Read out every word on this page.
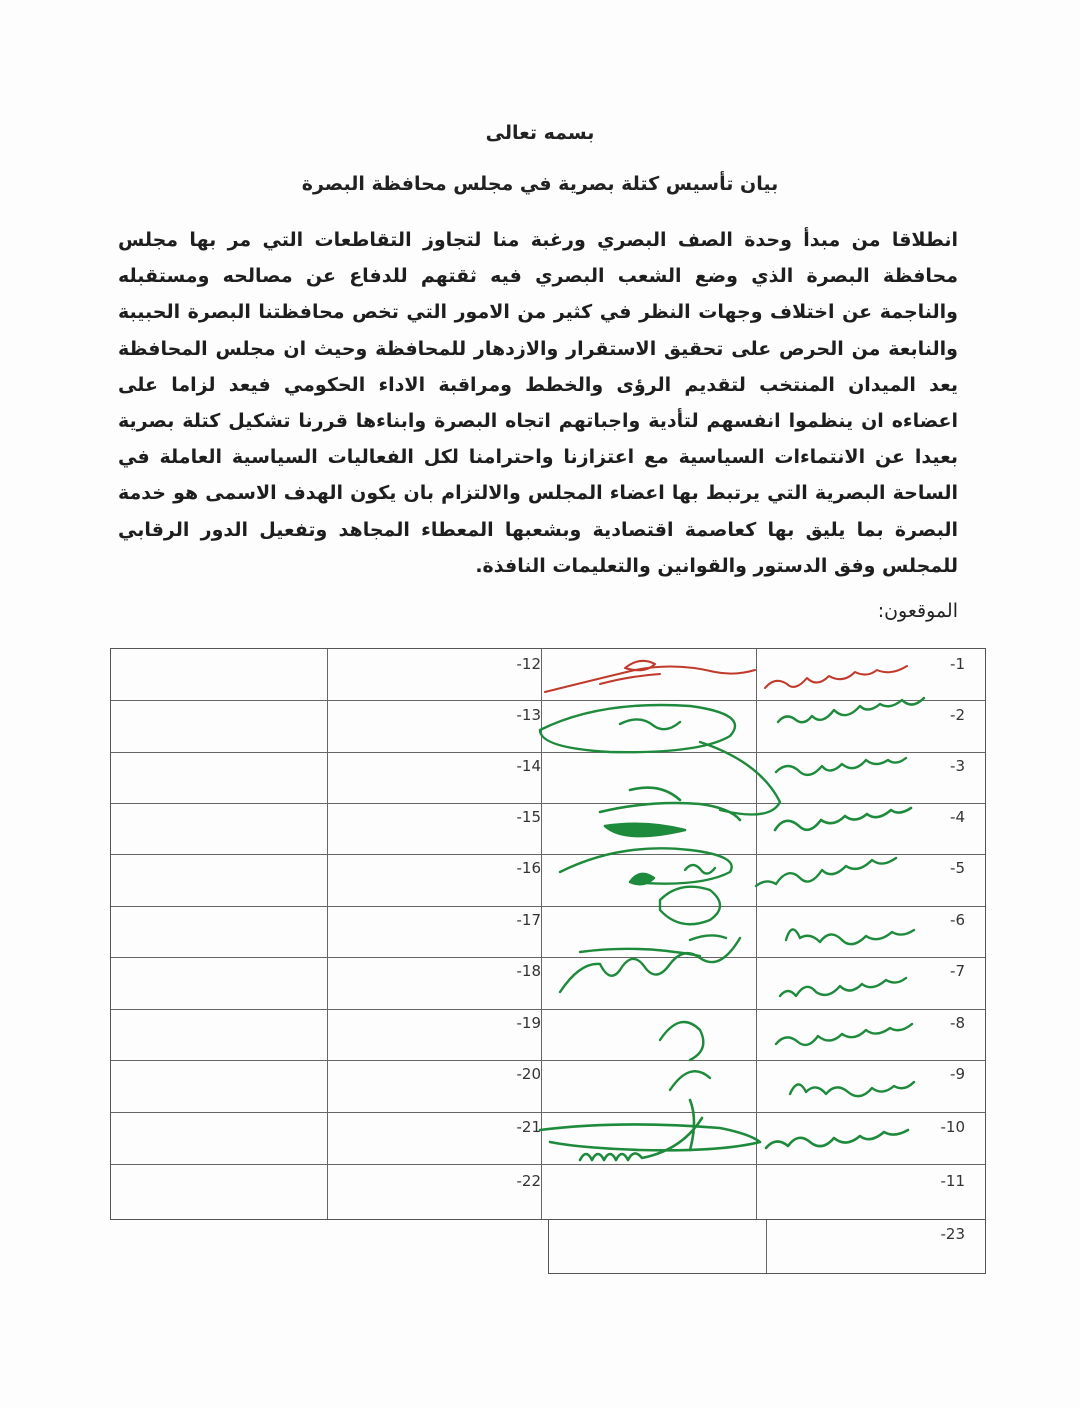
بسمه تعالى
بيان تأسيس كتلة بصرية في مجلس محافظة البصرة
انطلاقا من مبدأ وحدة الصف البصري ورغبة منا لتجاوز التقاطعات التي مر بها مجلس محافظة البصرة الذي وضع الشعب البصري فيه ثقتهم للدفاع عن مصالحه ومستقبله والناجمة عن اختلاف وجهات النظر في كثير من الامور التي تخص محافظتنا البصرة الحبيبة والنابعة من الحرص على تحقيق الاستقرار والازدهار للمحافظة وحيث ان مجلس المحافظة يعد الميدان المنتخب لتقديم الرؤى والخطط ومراقبة الاداء الحكومي فيعد لزاما على اعضاءه ان ينظموا انفسهم لتأدية واجباتهم اتجاه البصرة وابناءها قررنا تشكيل كتلة بصرية بعيدا عن الانتماءات السياسية مع اعتزازنا واحترامنا لكل الفعاليات السياسية العاملة في الساحة البصرية التي يرتبط بها اعضاء المجلس والالتزام بان يكون الهدف الاسمى هو خدمة البصرة بما يليق بها كعاصمة اقتصادية وبشعبها المعطاء المجاهد وتفعيل الدور الرقابي للمجلس وفق الدستور والقوانين والتعليمات النافذة.
الموقعون:
-1
-2
-3
-4
-5
-6
-7
-8
-9
-10
-11
-12
-13
-14
-15
-16
-17
-18
-19
-20
-21
-22
-23
